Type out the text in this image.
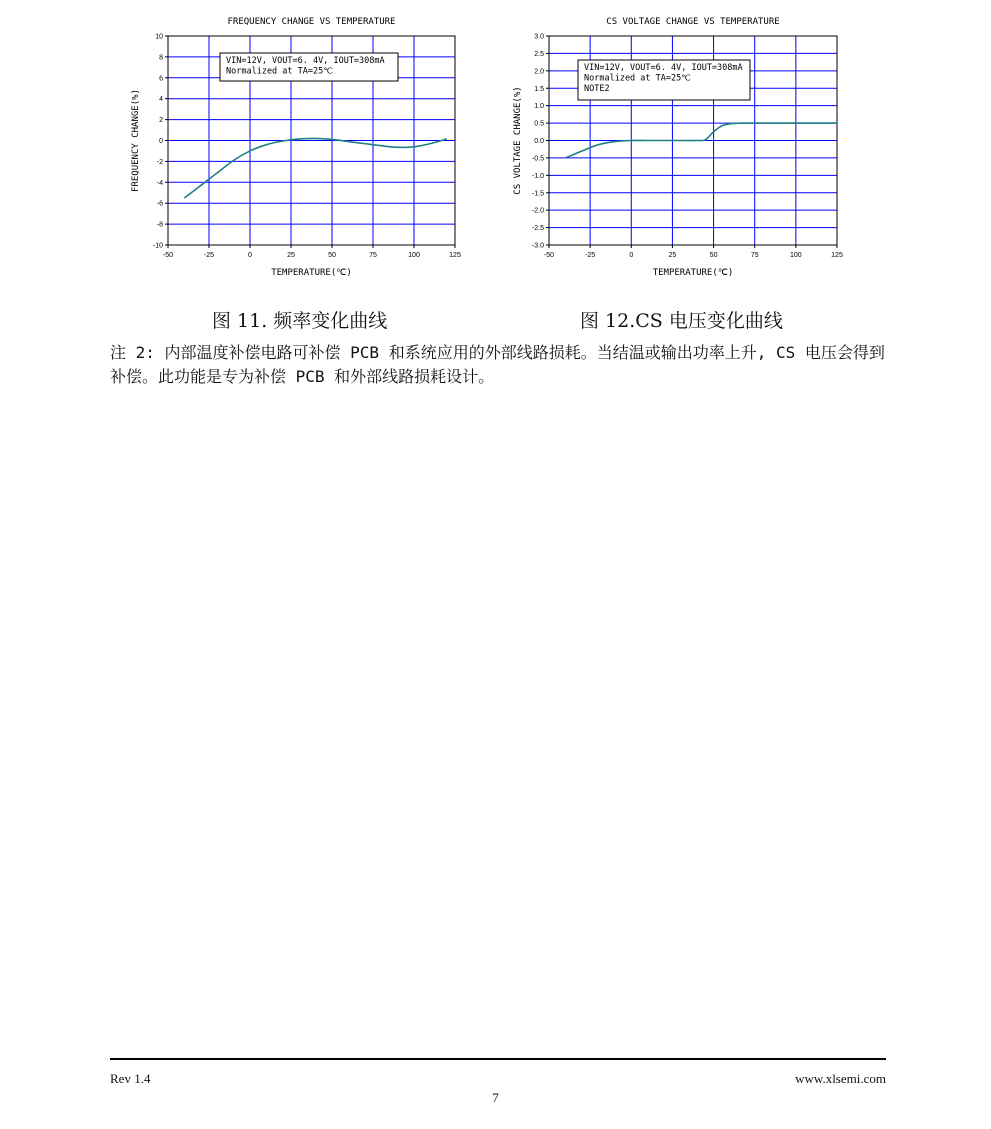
FREQUENCY CHANGE VS TEMPERATURE
-50	-25	0	25	50	75	100	125
-10
-8
-6
-4
-2
0
2
4
6
8
10
TEMPERATURE(℃)
FREQUENCY CHANGE(%)
VIN=12V, VOUT=6. 4V, IOUT=308mA
Normalized at TA=25℃
CS VOLTAGE CHANGE VS TEMPERATURE
-50	-25	0	25	50	75	100	125
-3.0
-2.5
-2.0
-1.5
-1.0
-0.5
0.0
0.5
1.0
1.5
2.0
2.5
3.0
TEMPERATURE(℃)
CS VOLTAGE CHANGE(%)
VIN=12V, VOUT=6. 4V, IOUT=308mA
Normalized at TA=25℃
NOTE2
图 11. 频率变化曲线	图 12.CS 电压变化曲线
注 2: 内部温度补偿电路可补偿 PCB 和系统应用的外部线路损耗。当结温或输出功率上升, CS 电压会得到补偿。此功能是专为补偿 PCB 和外部线路损耗设计。
Rev 1.4	www.xlsemi.com
7
